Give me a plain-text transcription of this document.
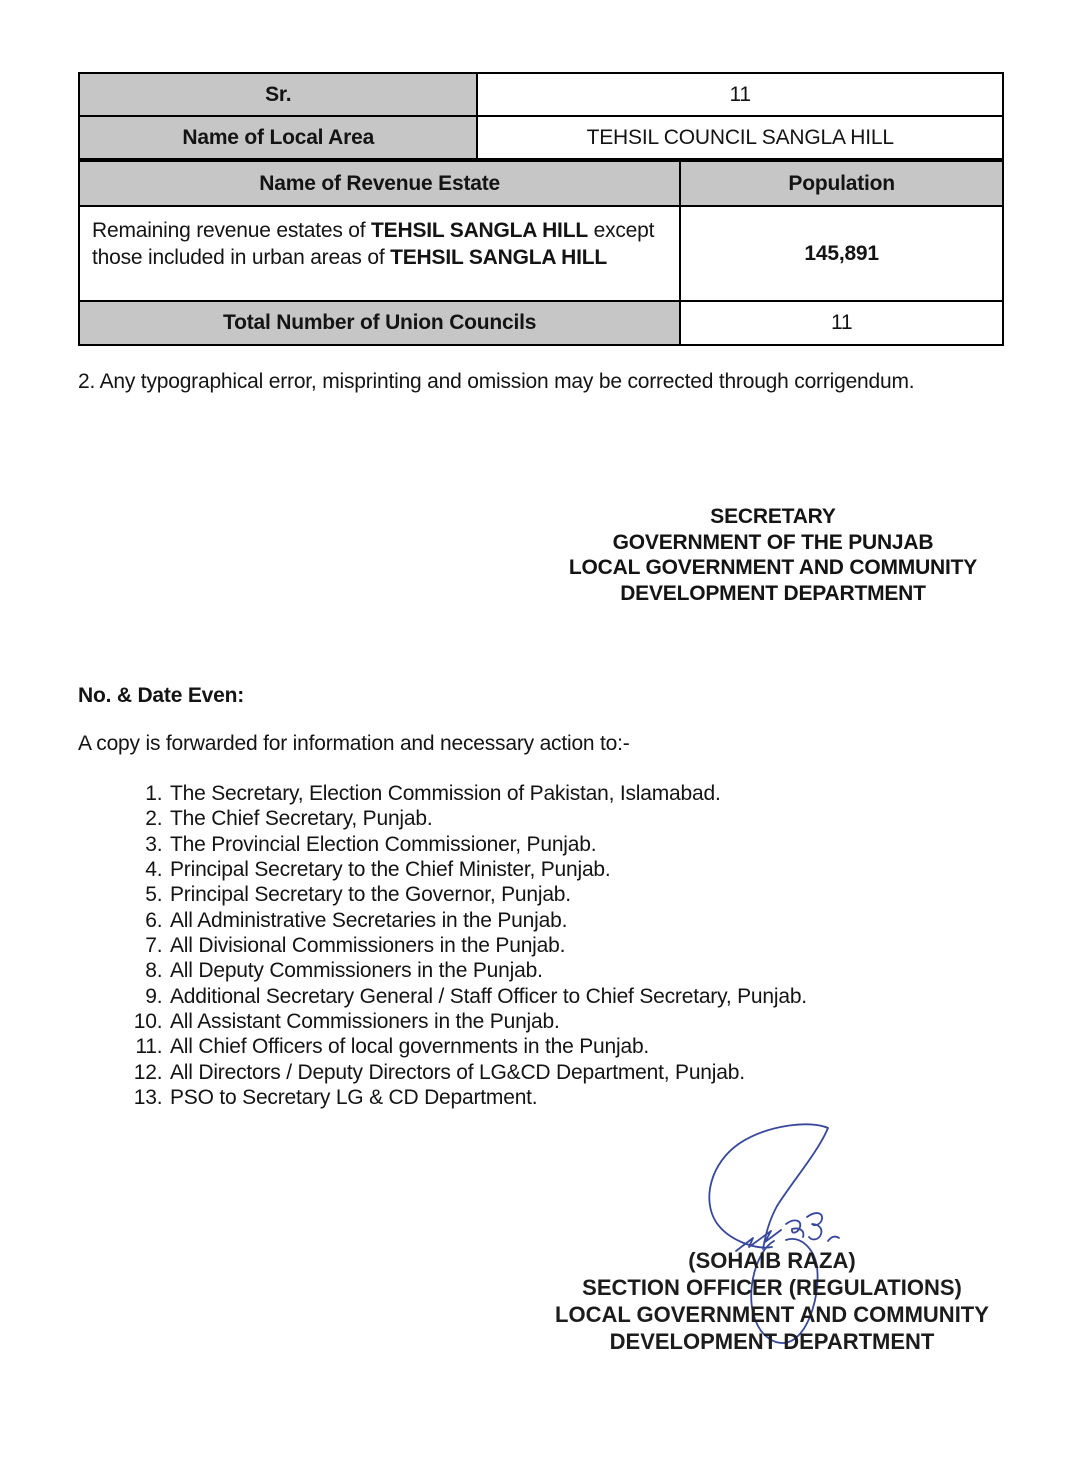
Sr.	11
Name of Local Area	TEHSIL COUNCIL SANGLA HILL
Name of Revenue Estate	Population
Remaining revenue estates of TEHSIL SANGLA HILL except those included in urban areas of TEHSIL SANGLA HILL	145,891
Total Number of Union Councils	11
2. Any typographical error, misprinting and omission may be corrected through corrigendum.
SECRETARY
GOVERNMENT OF THE PUNJAB
LOCAL GOVERNMENT AND COMMUNITY
DEVELOPMENT DEPARTMENT
No. & Date Even:
A copy is forwarded for information and necessary action to:-
1. The Secretary, Election Commission of Pakistan, Islamabad.
2. The Chief Secretary, Punjab.
3. The Provincial Election Commissioner, Punjab.
4. Principal Secretary to the Chief Minister, Punjab.
5. Principal Secretary to the Governor, Punjab.
6. All Administrative Secretaries in the Punjab.
7. All Divisional Commissioners in the Punjab.
8. All Deputy Commissioners in the Punjab.
9. Additional Secretary General / Staff Officer to Chief Secretary, Punjab.
10. All Assistant Commissioners in the Punjab.
11. All Chief Officers of local governments in the Punjab.
12. All Directors / Deputy Directors of LG&CD Department, Punjab.
13. PSO to Secretary LG & CD Department.
(SOHAIB RAZA)
SECTION OFFICER (REGULATIONS)
LOCAL GOVERNMENT AND COMMUNITY
DEVELOPMENT DEPARTMENT
